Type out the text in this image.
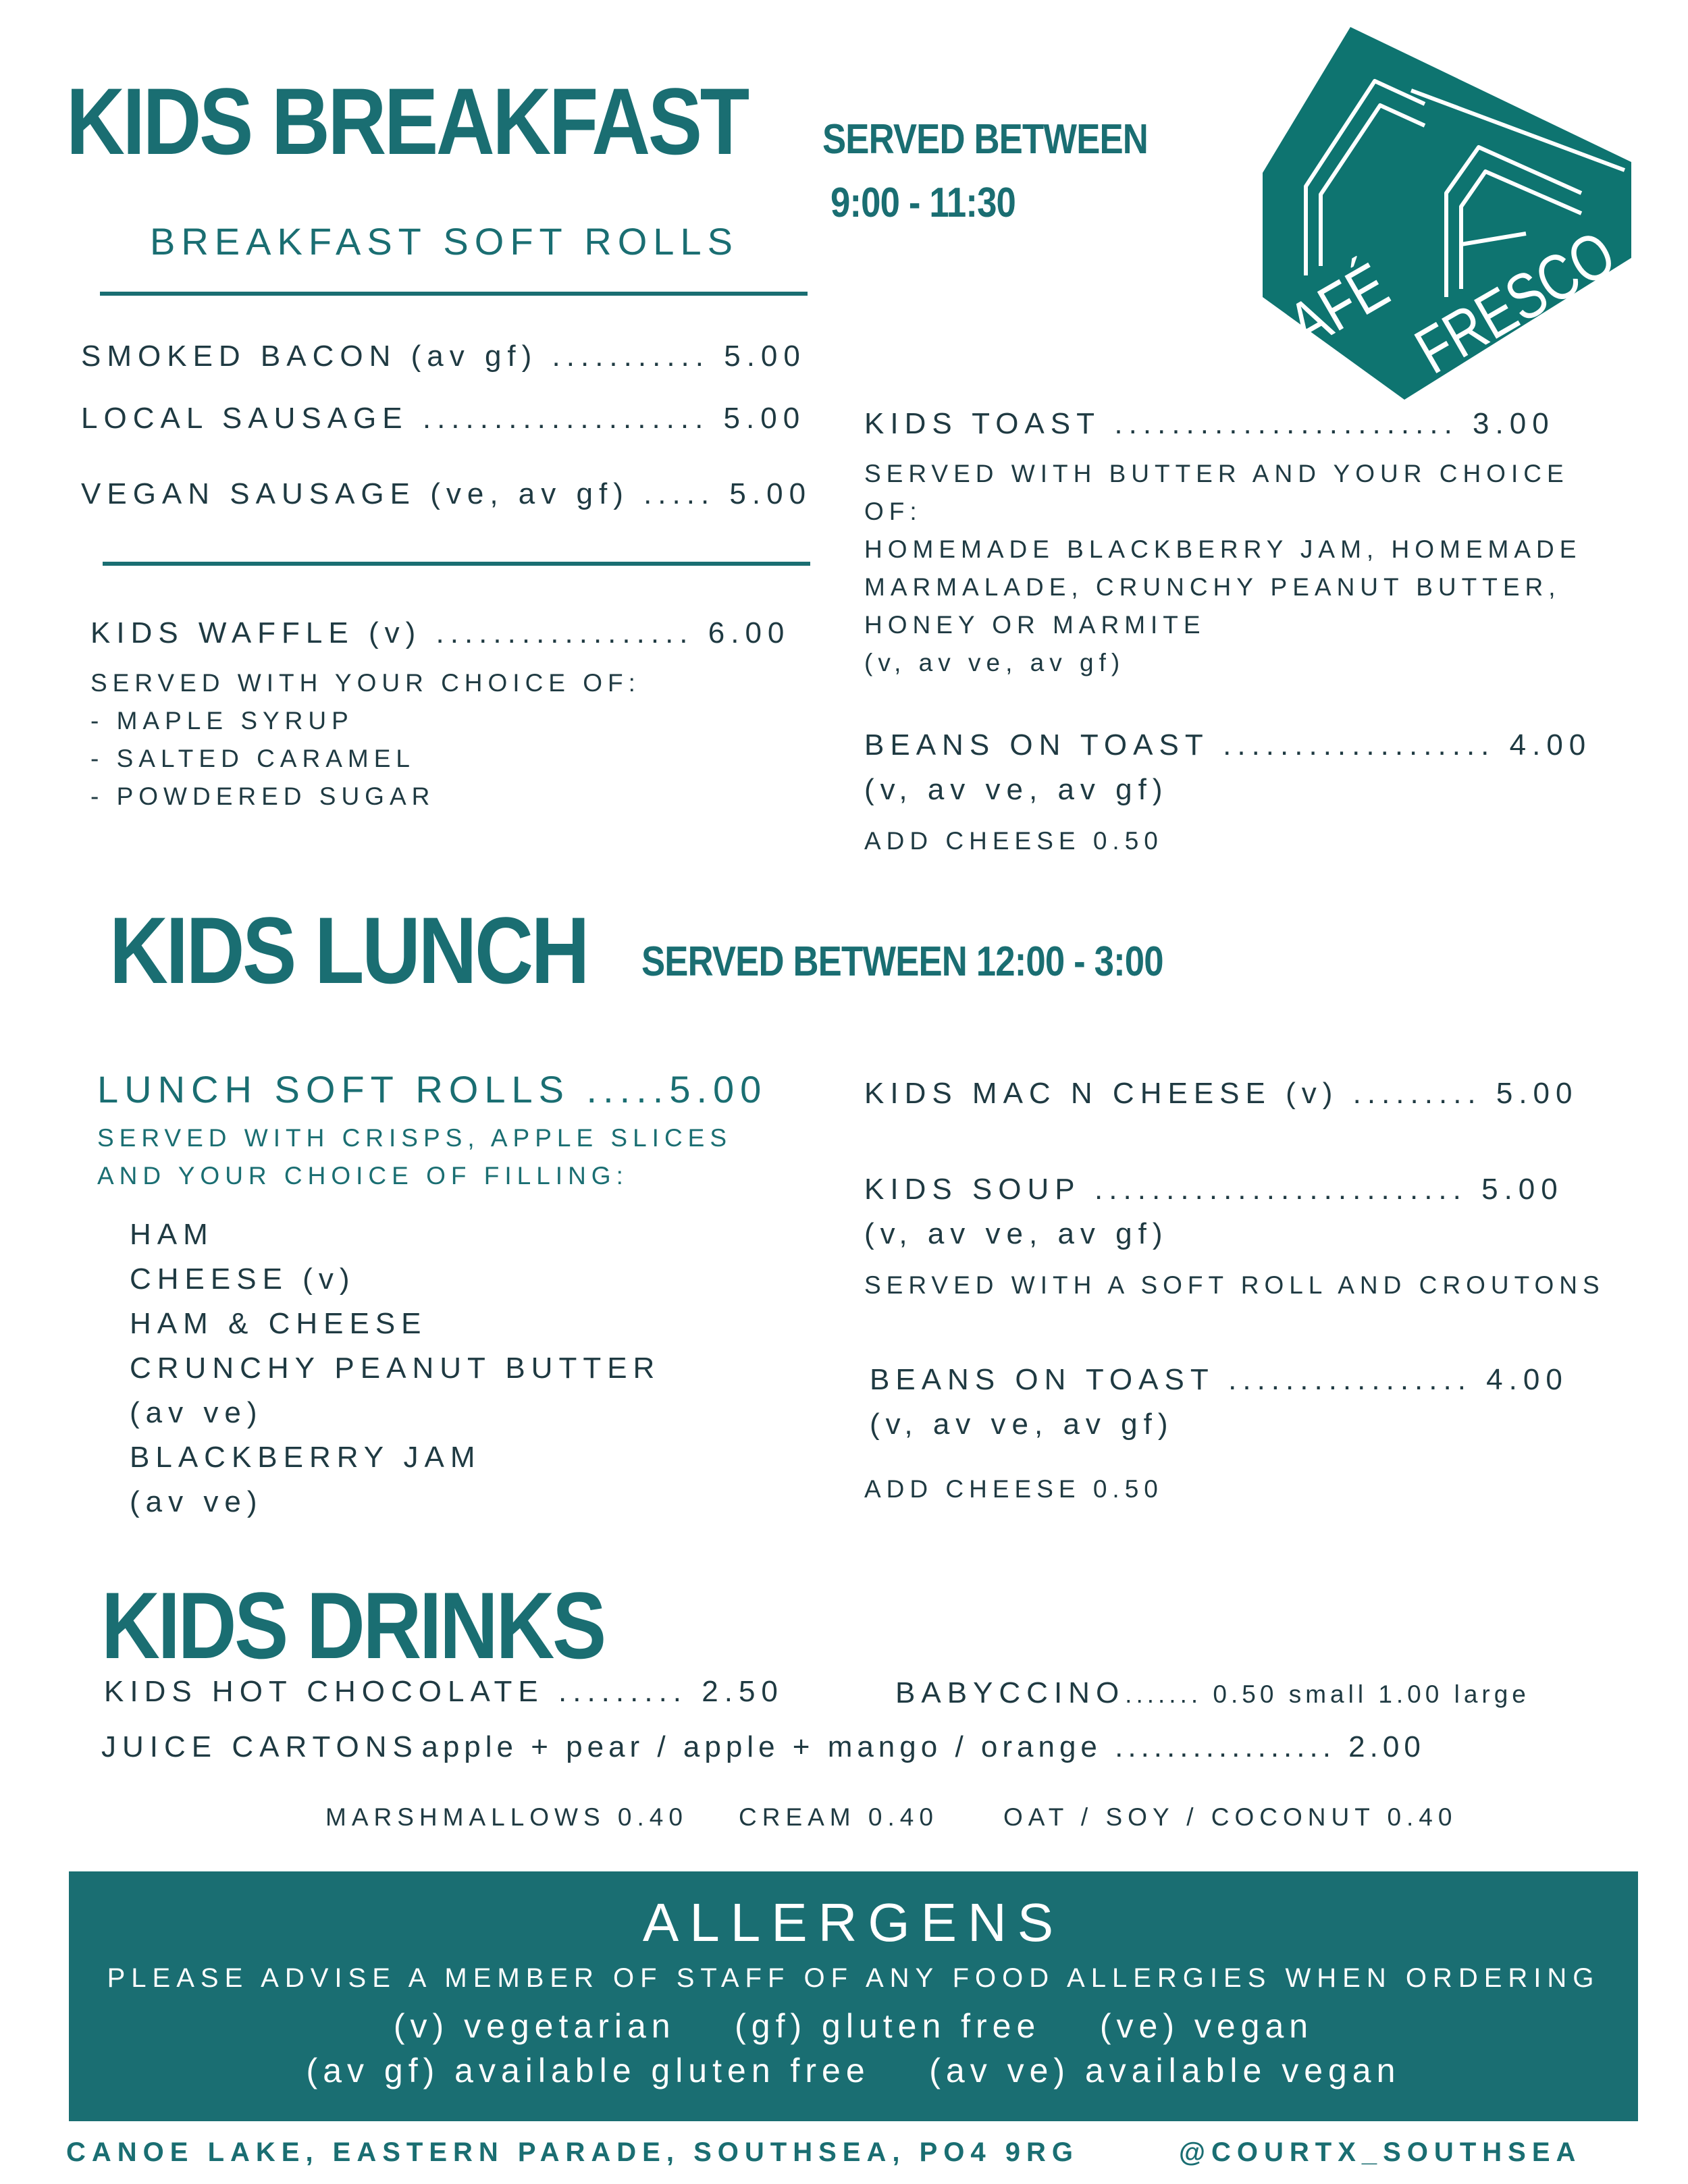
KIDS BREAKFAST SERVED BETWEEN
9:00 - 11:30
BREAKFAST SOFT ROLLS
SMOKED BACON (av gf) ........... 5.00
LOCAL SAUSAGE .................... 5.00
VEGAN SAUSAGE (ve, av gf) ..... 5.00
KIDS WAFFLE (v) .................. 6.00
SERVED WITH YOUR CHOICE OF:
- MAPLE SYRUP
- SALTED CARAMEL
- POWDERED SUGAR
KIDS TOAST ........................ 3.00
SERVED WITH BUTTER AND YOUR CHOICE
OF:
HOMEMADE BLACKBERRY JAM, HOMEMADE
MARMALADE, CRUNCHY PEANUT BUTTER,
HONEY OR MARMITE
(v, av ve, av gf)
BEANS ON TOAST ................... 4.00
(v, av ve, av gf)
ADD CHEESE 0.50
CAFÉ FRESCO
KIDS LUNCH SERVED BETWEEN 12:00 - 3:00
LUNCH SOFT ROLLS .....5.00
SERVED WITH CRISPS, APPLE SLICES
AND YOUR CHOICE OF FILLING:
HAM
CHEESE (v)
HAM & CHEESE
CRUNCHY PEANUT BUTTER
(av ve)
BLACKBERRY JAM
(av ve)
KIDS MAC N CHEESE (v) ......... 5.00
KIDS SOUP .......................... 5.00
(v, av ve, av gf)
SERVED WITH A SOFT ROLL AND CROUTONS
BEANS ON TOAST ................. 4.00
(v, av ve, av gf)
ADD CHEESE 0.50
KIDS DRINKS
KIDS HOT CHOCOLATE ......... 2.50	BABYCCINO....... 0.50 small 1.00 large
JUICE CARTONS apple + pear / apple + mango / orange ................. 2.00
MARSHMALLOWS 0.40 CREAM 0.40	OAT / SOY / COCONUT 0.40
ALLERGENS
PLEASE ADVISE A MEMBER OF STAFF OF ANY FOOD ALLERGIES WHEN ORDERING
(v) vegetarian    (gf) gluten free    (ve) vegan
(av gf) available gluten free    (av ve) available vegan
CANOE LAKE, EASTERN PARADE, SOUTHSEA, PO4 9RG	@COURTX_SOUTHSEA
